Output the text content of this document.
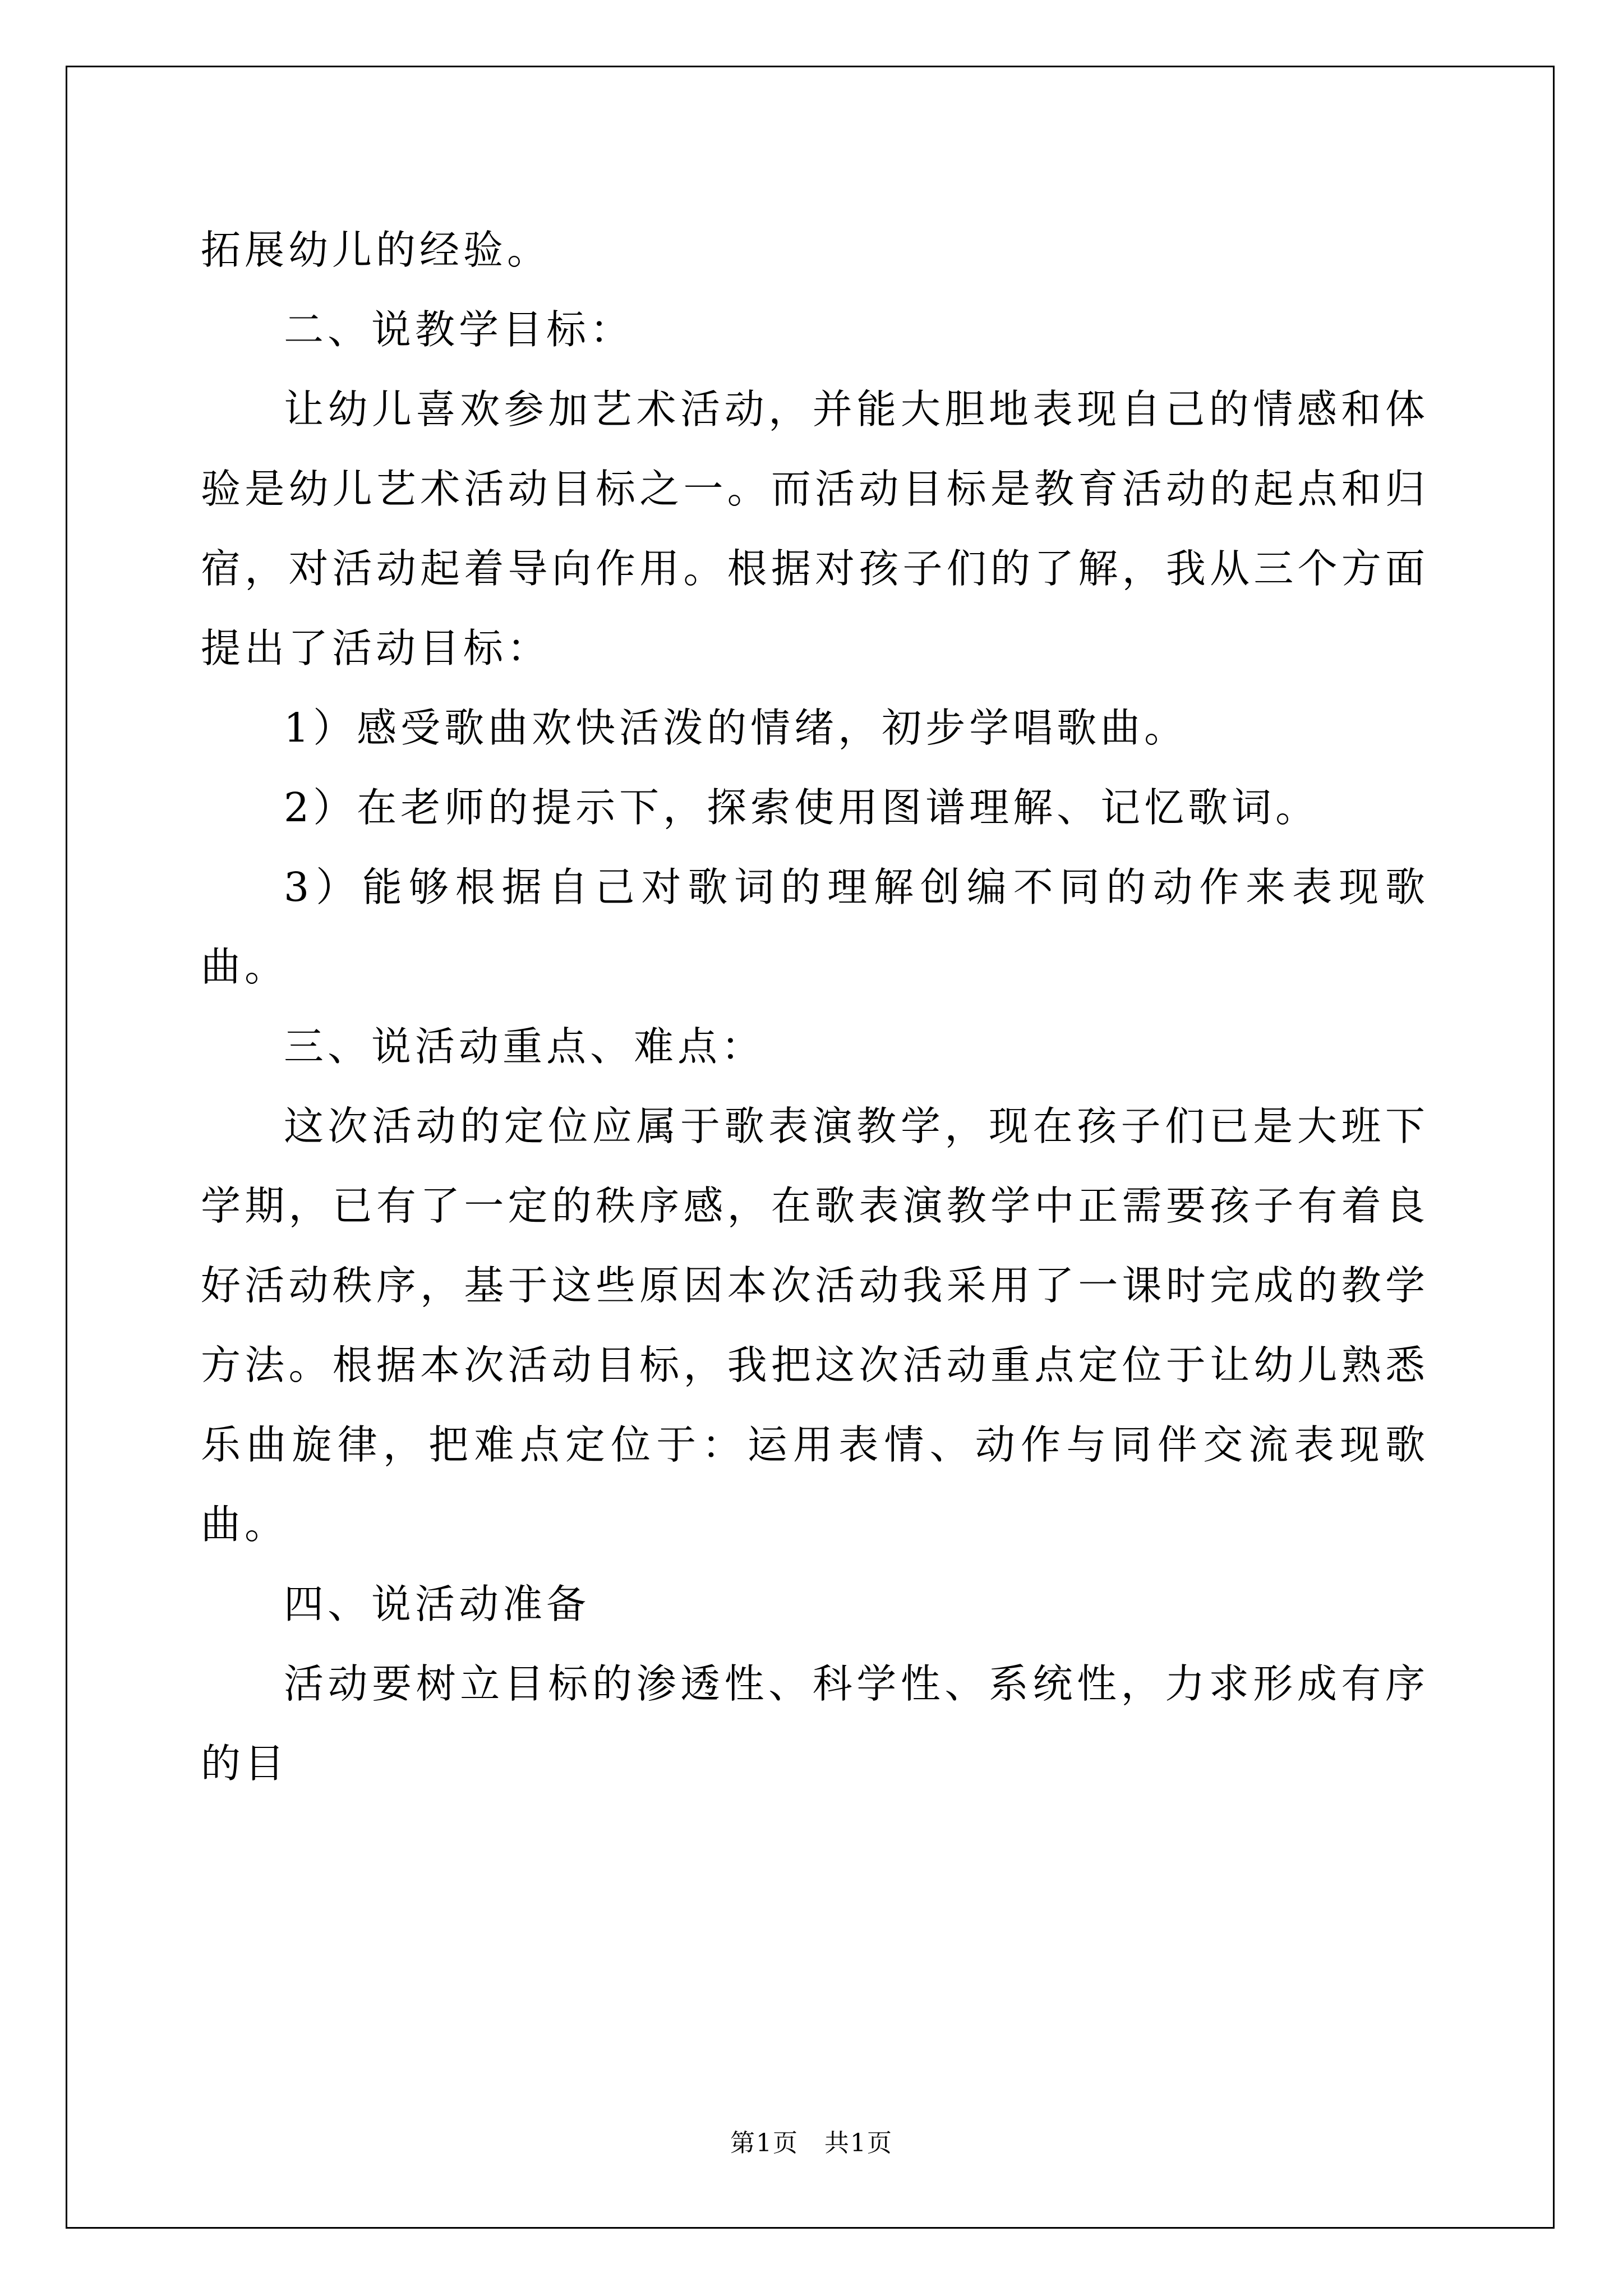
拓展幼儿的经验。

二、说教学目标：

让幼儿喜欢参加艺术活动，并能大胆地表现自己的情感和体验是幼儿艺术活动目标之一。而活动目标是教育活动的起点和归宿，对活动起着导向作用。根据对孩子们的了解，我从三个方面提出了活动目标：

1）感受歌曲欢快活泼的情绪，初步学唱歌曲。

2）在老师的提示下，探索使用图谱理解、记忆歌词。

3）能够根据自己对歌词的理解创编不同的动作来表现歌曲。

三、说活动重点、难点：

这次活动的定位应属于歌表演教学，现在孩子们已是大班下学期，已有了一定的秩序感，在歌表演教学中正需要孩子有着良好活动秩序，基于这些原因本次活动我采用了一课时完成的教学方法。根据本次活动目标，我把这次活动重点定位于让幼儿熟悉乐曲旋律，把难点定位于：运用表情、动作与同伴交流表现歌曲。

四、说活动准备

活动要树立目标的渗透性、科学性、系统性，力求形成有序的目

第1页　共1页
